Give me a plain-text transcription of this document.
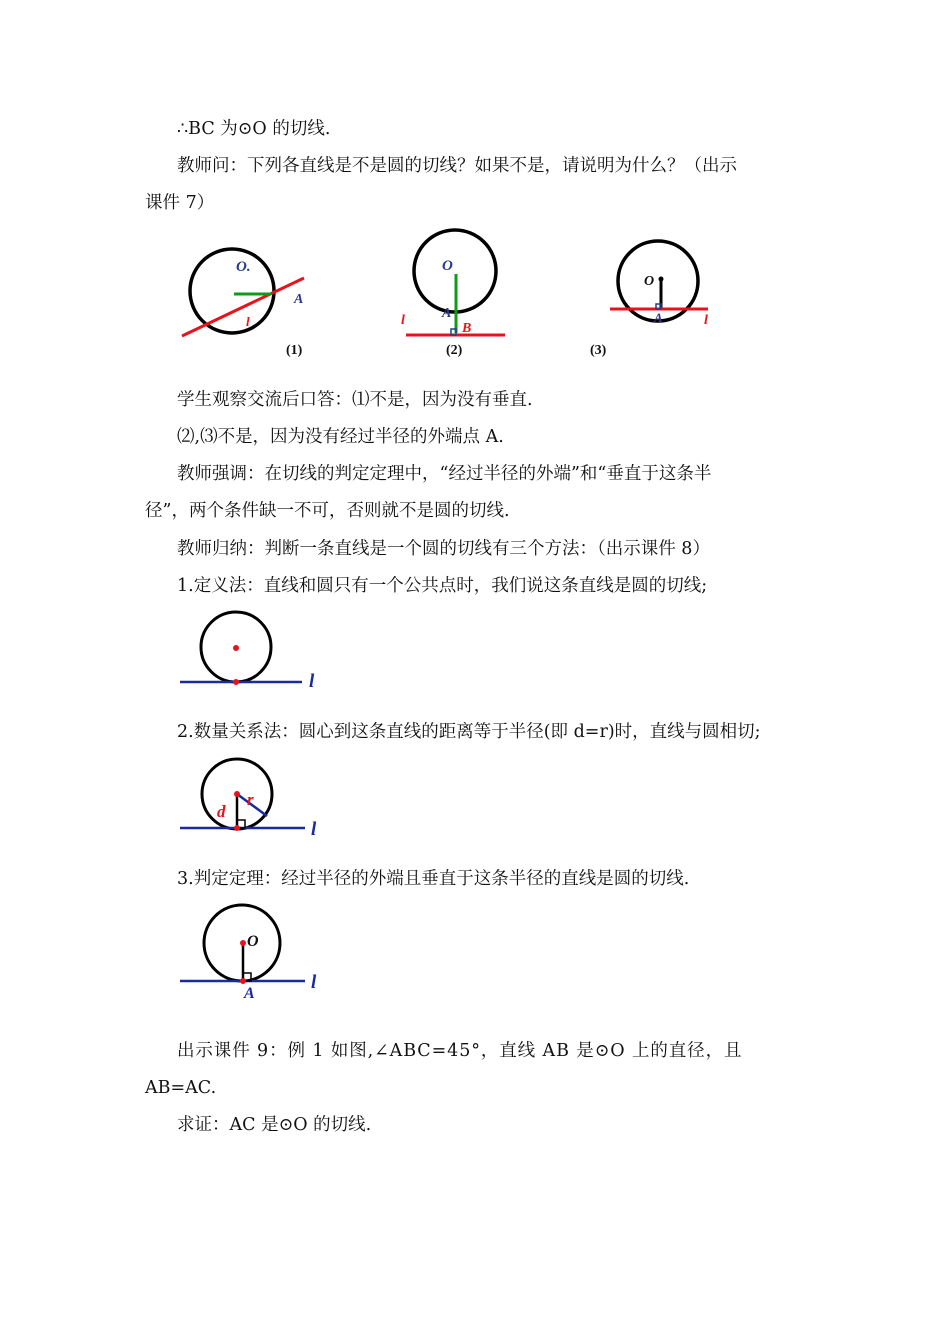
∴BC 为⊙O 的切线.
教师问：下列各直线是不是圆的切线？如果不是，请说明为什么？（出示
课件 7）
O.
A
l
(1)
O
A
B
l
(2)
O
A	l
(3)
学生观察交流后口答：⑴不是，因为没有垂直.
⑵,⑶不是，因为没有经过半径的外端点 A.
教师强调：在切线的判定定理中，“经过半径的外端”和“垂直于这条半
径”，两个条件缺一不可，否则就不是圆的切线.
教师归纳：判断一条直线是一个圆的切线有三个方法：（出示课件 8）
1.定义法：直线和圆只有一个公共点时，我们说这条直线是圆的切线;
l
2.数量关系法：圆心到这条直线的距离等于半径(即 d=r)时，直线与圆相切;
r
d
l
3.判定定理：经过半径的外端且垂直于这条半径的直线是圆的切线.
O
A
l
出示课件 9：例 1 如图,∠ABC=45°，直线 AB 是⊙O 上的直径，且
AB=AC.
求证：AC 是⊙O 的切线.
